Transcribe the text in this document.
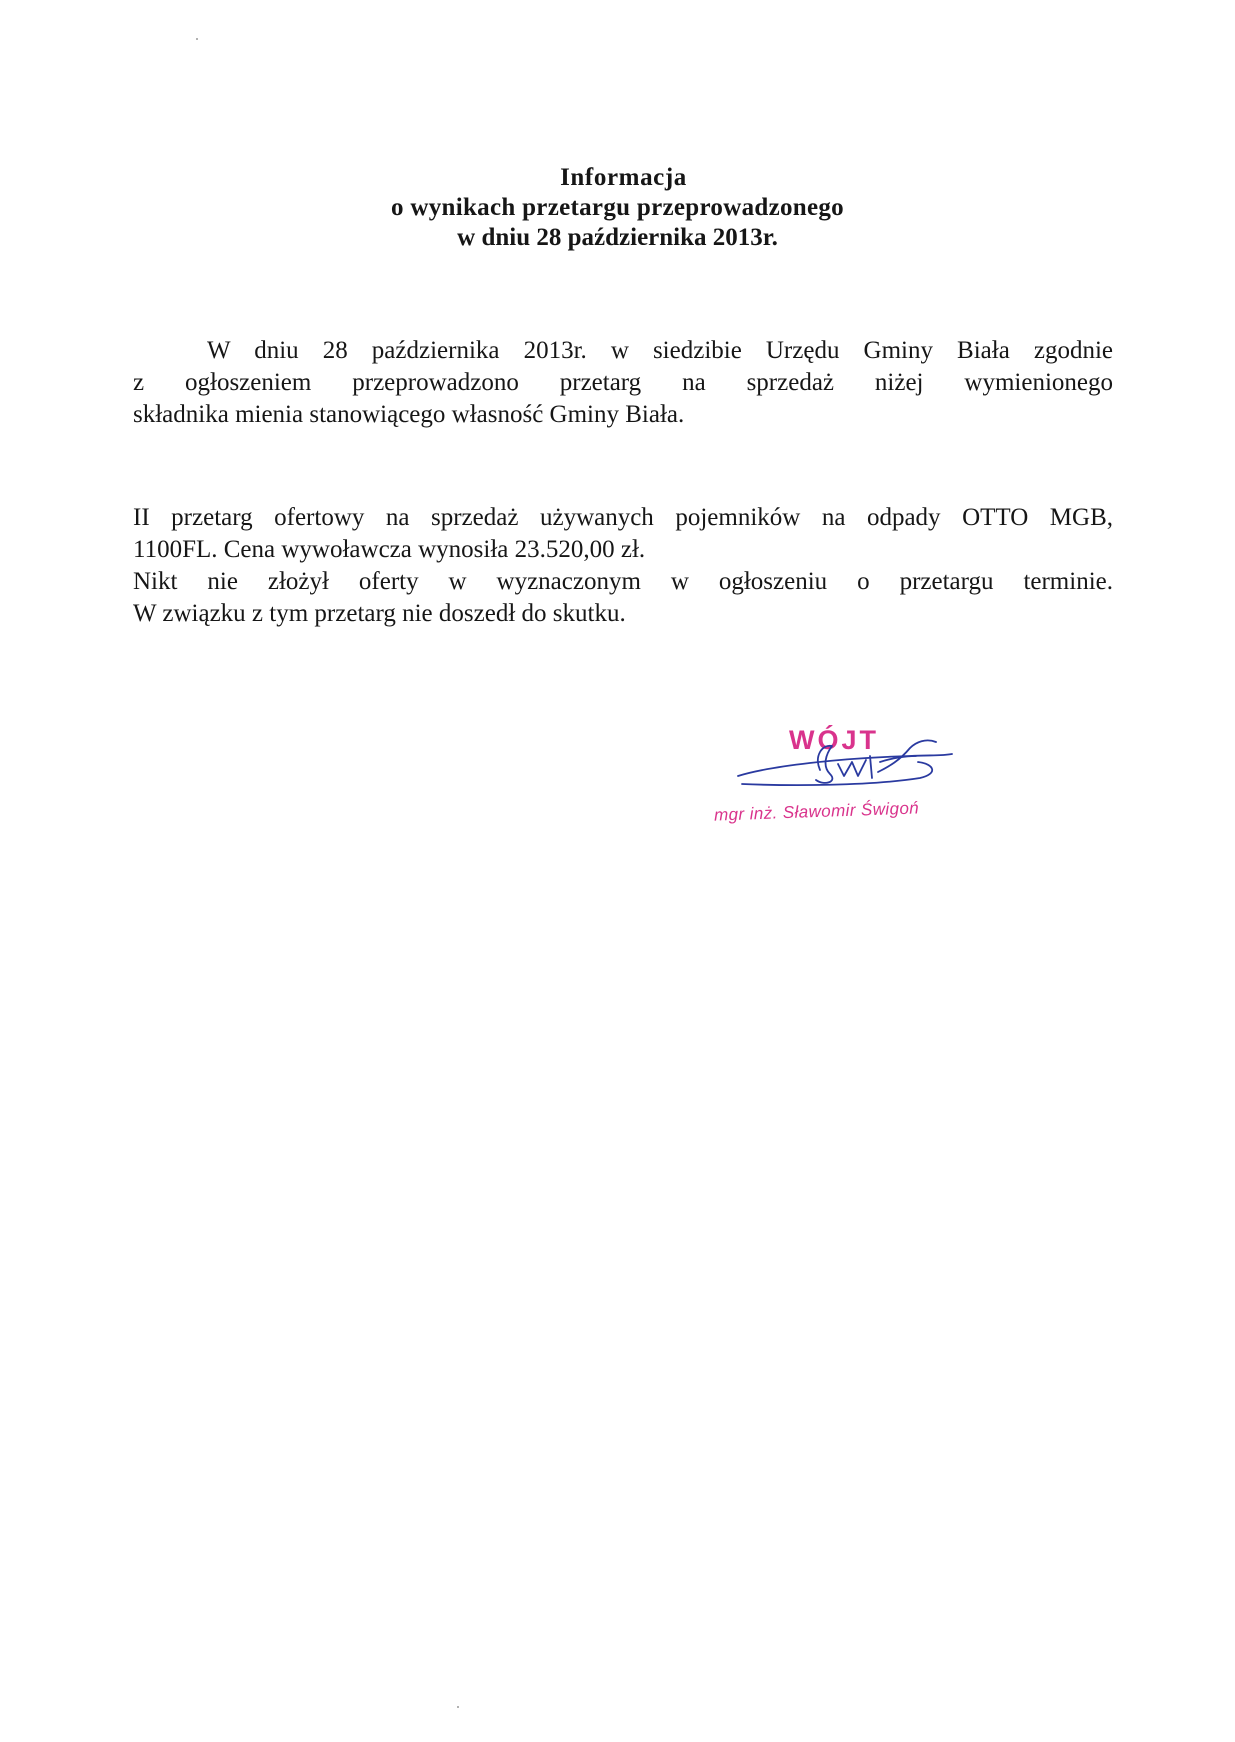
Informacja
o wynikach przetargu przeprowadzonego
w dniu 28 października 2013r.
W dniu 28 października 2013r. w siedzibie Urzędu Gminy Biała zgodnie
z ogłoszeniem przeprowadzono przetarg na sprzedaż niżej wymienionego
składnika mienia stanowiącego własność Gminy Biała.
II przetarg ofertowy na sprzedaż używanych pojemników na odpady OTTO MGB,
1100FL. Cena wywoławcza wynosiła 23.520,00 zł.
Nikt nie złożył oferty w wyznaczonym w ogłoszeniu o przetargu terminie.
W związku z tym przetarg nie doszedł do skutku.
WÓJT
mgr inż. Sławomir Świgoń
